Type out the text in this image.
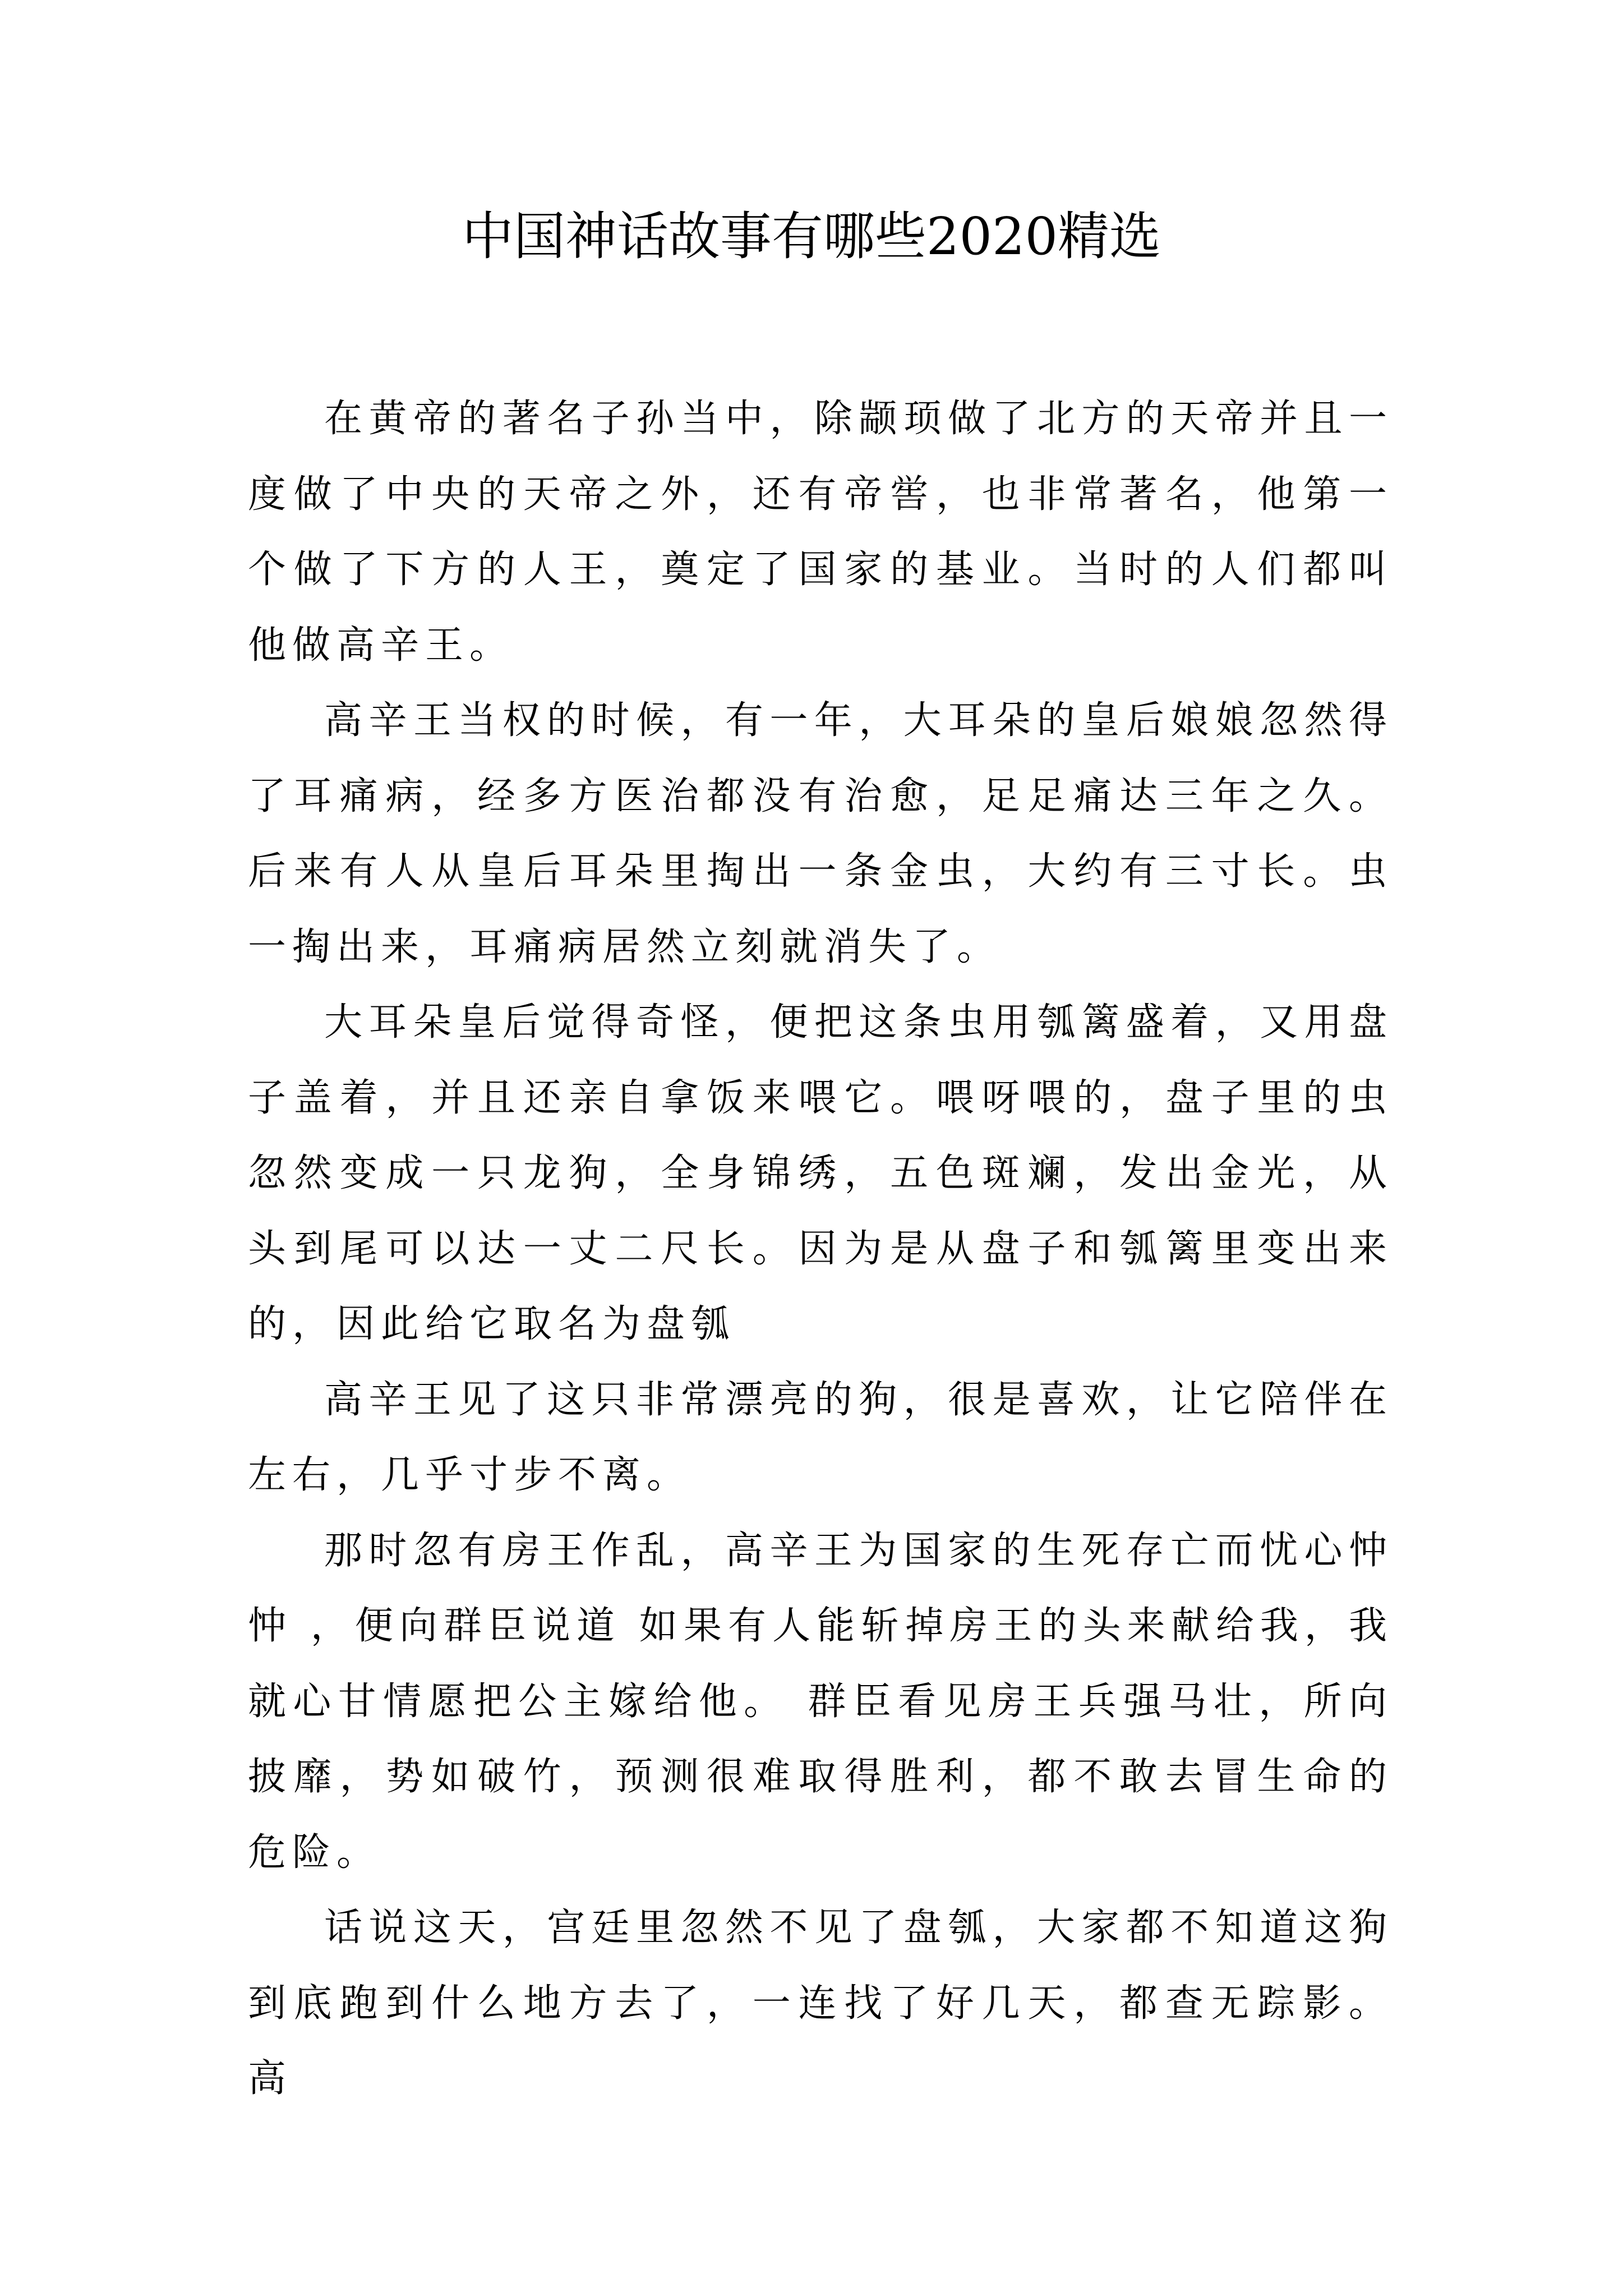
中国神话故事有哪些2020精选

在黄帝的著名子孙当中，除颛顼做了北方的天帝并且一度做了中央的天帝之外，还有帝喾，也非常著名，他第一个做了下方的人王，奠定了国家的基业。当时的人们都叫他做高辛王。

高辛王当权的时候，有一年，大耳朵的皇后娘娘忽然得了耳痛病，经多方医治都没有治愈，足足痛达三年之久。后来有人从皇后耳朵里掏出一条金虫，大约有三寸长。虫一掏出来，耳痛病居然立刻就消失了。

大耳朵皇后觉得奇怪，便把这条虫用瓠篱盛着，又用盘子盖着，并且还亲自拿饭来喂它。喂呀喂的，盘子里的虫忽然变成一只龙狗，全身锦绣，五色斑斓，发出金光，从头到尾可以达一丈二尺长。因为是从盘子和瓠篱里变出来的，因此给它取名为盘瓠

高辛王见了这只非常漂亮的狗，很是喜欢，让它陪伴在左右，几乎寸步不离。

那时忽有房王作乱，高辛王为国家的生死存亡而忧心忡忡 ，便向群臣说道 如果有人能斩掉房王的头来献给我，我就心甘情愿把公主嫁给他。 群臣看见房王兵强马壮，所向披靡，势如破竹，预测很难取得胜利，都不敢去冒生命的危险。

话说这天，宫廷里忽然不见了盘瓠，大家都不知道这狗到底跑到什么地方去了，一连找了好几天，都查无踪影。高
